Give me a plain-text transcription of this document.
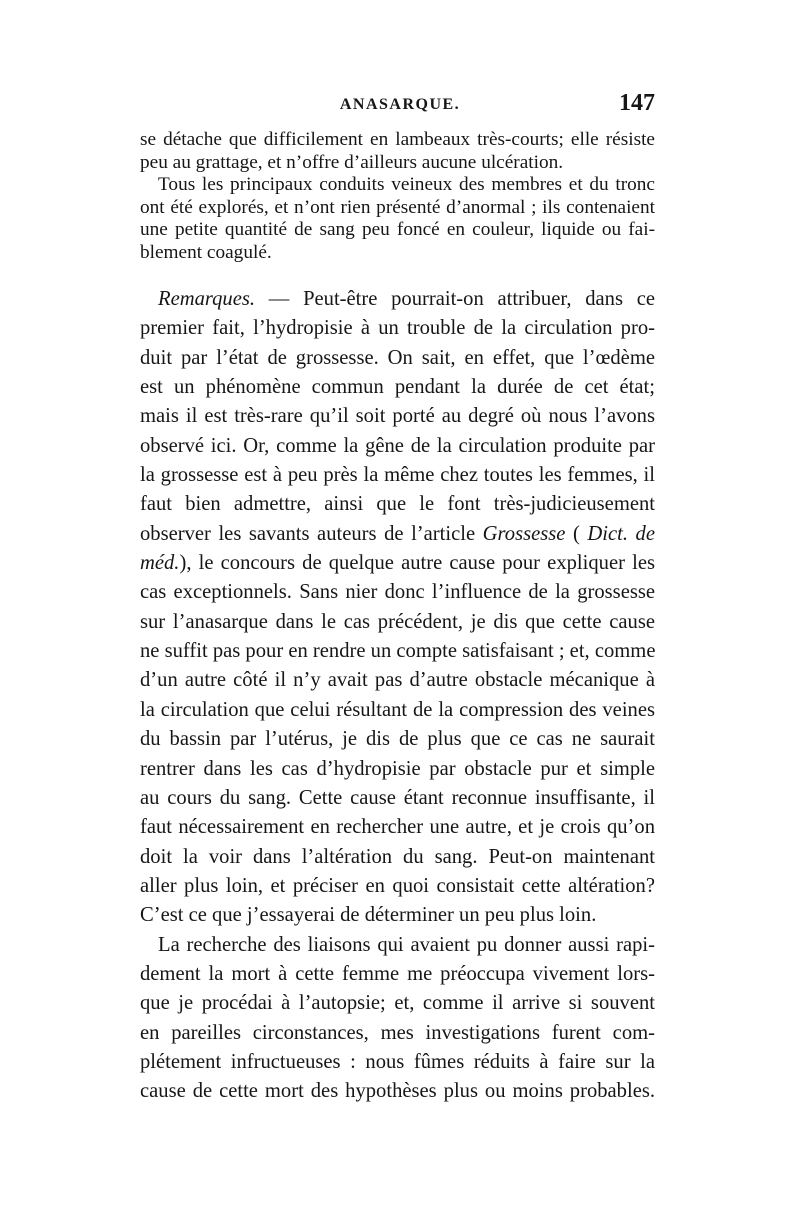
ANASARQUE.	147

se détache que difficilement en lambeaux très-courts; elle résiste
peu au grattage, et n’offre d’ailleurs aucune ulcération.

Tous les principaux conduits veineux des membres et du tronc
ont été explorés, et n’ont rien présenté d’anormal ; ils contenaient
une petite quantité de sang peu foncé en couleur, liquide ou fai-
blement coagulé.

Remarques. — Peut-être pourrait-on attribuer, dans ce
premier fait, l’hydropisie à un trouble de la circulation pro-
duit par l’état de grossesse. On sait, en effet, que l’œdème
est un phénomène commun pendant la durée de cet état;
mais il est très-rare qu’il soit porté au degré où nous l’avons
observé ici. Or, comme la gêne de la circulation produite par
la grossesse est à peu près la même chez toutes les femmes, il
faut bien admettre, ainsi que le font très-judicieusement
observer les savants auteurs de l’article Grossesse ( Dict. de
méd.), le concours de quelque autre cause pour expliquer les
cas exceptionnels. Sans nier donc l’influence de la grossesse
sur l’anasarque dans le cas précédent, je dis que cette cause
ne suffit pas pour en rendre un compte satisfaisant ; et, comme
d’un autre côté il n’y avait pas d’autre obstacle mécanique à
la circulation que celui résultant de la compression des veines
du bassin par l’utérus, je dis de plus que ce cas ne saurait
rentrer dans les cas d’hydropisie par obstacle pur et simple
au cours du sang. Cette cause étant reconnue insuffisante, il
faut nécessairement en rechercher une autre, et je crois qu’on
doit la voir dans l’altération du sang. Peut-on maintenant
aller plus loin, et préciser en quoi consistait cette altération?
C’est ce que j’essayerai de déterminer un peu plus loin.

La recherche des liaisons qui avaient pu donner aussi rapi-
dement la mort à cette femme me préoccupa vivement lors-
que je procédai à l’autopsie; et, comme il arrive si souvent
en pareilles circonstances, mes investigations furent com-
plétement infructueuses : nous fûmes réduits à faire sur la
cause de cette mort des hypothèses plus ou moins probables.
